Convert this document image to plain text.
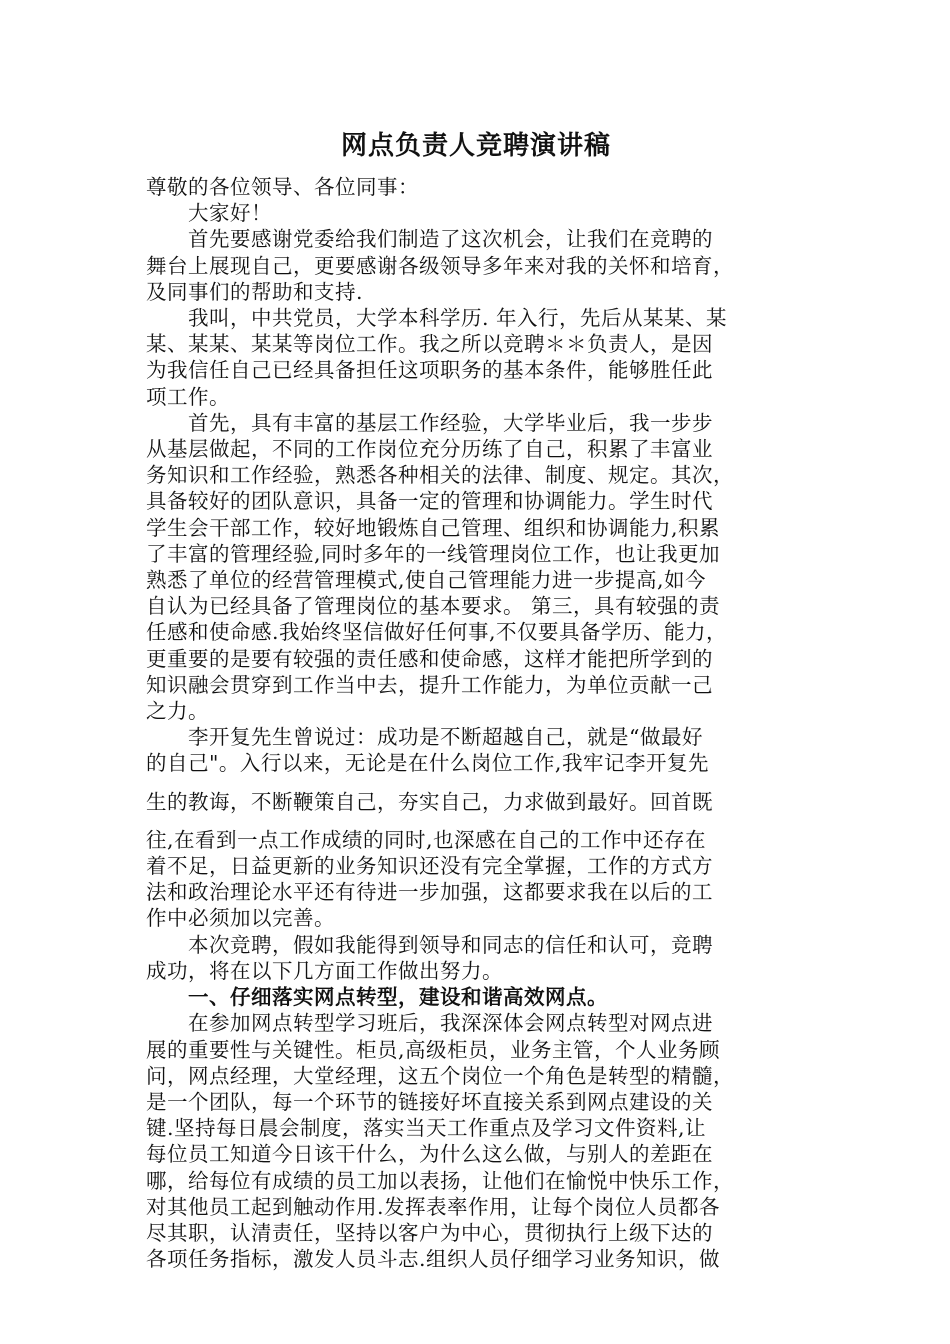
网点负责人竞聘演讲稿
尊敬的各位领导、各位同事：
大家好！
首先要感谢党委给我们制造了这次机会，让我们在竞聘的
舞台上展现自己，更要感谢各级领导多年来对我的关怀和培育，
及同事们的帮助和支持.
我叫，中共党员，大学本科学历. 年入行，先后从某某、某
某、某某、某某等岗位工作。我之所以竞聘＊＊负责人，是因
为我信任自己已经具备担任这项职务的基本条件，能够胜任此
项工作。
首先，具有丰富的基层工作经验，大学毕业后，我一步步
从基层做起，不同的工作岗位充分历练了自己，积累了丰富业
务知识和工作经验，熟悉各种相关的法律、制度、规定。其次，
具备较好的团队意识，具备一定的管理和协调能力。学生时代
学生会干部工作，较好地锻炼自己管理、组织和协调能力,积累
了丰富的管理经验,同时多年的一线管理岗位工作，也让我更加
熟悉了单位的经营管理模式,使自己管理能力进一步提高,如今
自认为已经具备了管理岗位的基本要求。 第三，具有较强的责
任感和使命感.我始终坚信做好任何事,不仅要具备学历、能力，
更重要的是要有较强的责任感和使命感，这样才能把所学到的
知识融会贯穿到工作当中去，提升工作能力，为单位贡献一己
之力。
李开复先生曾说过：成功是不断超越自己，就是“做最好
的自己"。入行以来，无论是在什么岗位工作,我牢记李开复先
生的教诲，不断鞭策自己，夯实自己，力求做到最好。回首既
往,在看到一点工作成绩的同时,也深感在自己的工作中还存在
着不足，日益更新的业务知识还没有完全掌握，工作的方式方
法和政治理论水平还有待进一步加强，这都要求我在以后的工
作中必须加以完善。
本次竞聘，假如我能得到领导和同志的信任和认可，竞聘
成功，将在以下几方面工作做出努力。
一、仔细落实网点转型，建设和谐高效网点。
在参加网点转型学习班后，我深深体会网点转型对网点进
展的重要性与关键性。柜员,高级柜员，业务主管，个人业务顾
问，网点经理，大堂经理，这五个岗位一个角色是转型的精髓，
是一个团队，每一个环节的链接好坏直接关系到网点建设的关
键.坚持每日晨会制度，落实当天工作重点及学习文件资料,让
每位员工知道今日该干什么，为什么这么做，与别人的差距在
哪，给每位有成绩的员工加以表扬，让他们在愉悦中快乐工作，
对其他员工起到触动作用.发挥表率作用，让每个岗位人员都各
尽其职，认清责任，坚持以客户为中心，贯彻执行上级下达的
各项任务指标，激发人员斗志.组织人员仔细学习业务知识，做
